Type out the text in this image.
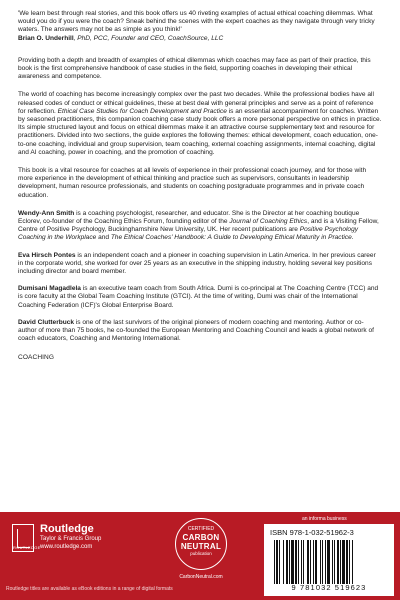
'We learn best through real stories, and this book offers us 40 riveting examples of actual ethical coaching dilemmas. What would you do if you were the coach? Sneak behind the scenes with the expert coaches as they navigate through very tricky waters. The answers may not be as simple as you think!'

Brian O. Underhill, PhD, PCC, Founder and CEO, CoachSource, LLC

Providing both a depth and breadth of examples of ethical dilemmas which coaches may face as part of their practice, this book is the first comprehensive handbook of case studies in the field, supporting coaches in developing their ethical awareness and competence.

The world of coaching has become increasingly complex over the past two decades. While the professional bodies have all released codes of conduct or ethical guidelines, these at best deal with general principles and serve as a point of reference for reflection. Ethical Case Studies for Coach Development and Practice is an essential accompaniment for coaches. Written by seasoned practitioners, this companion coaching case study book offers a more personal perspective on ethics in practice. Its simple structured layout and focus on ethical dilemmas make it an attractive course supplementary text and resource for practitioners. Divided into two sections, the guide explores the following themes: ethical development, coach education, one-to-one coaching, individual and group supervision, team coaching, external coaching assignments, internal coaching, digital and AI coaching, power in coaching, and the promotion of coaching.

This book is a vital resource for coaches at all levels of experience in their professional coach journey, and for those with more experience in the development of ethical thinking and practice such as supervisors, consultants in leadership development, human resource professionals, and students on coaching postgraduate programmes and in private coach education.

Wendy-Ann Smith is a coaching psychologist, researcher, and educator. She is the Director at her coaching boutique Eclorev, co-founder of the Coaching Ethics Forum, founding editor of the Journal of Coaching Ethics, and is a Visiting Fellow, Centre of Positive Psychology, Buckinghamshire New University, UK. Her recent publications are Positive Psychology Coaching in the Workplace and The Ethical Coaches' Handbook: A Guide to Developing Ethical Maturity in Practice.

Eva Hirsch Pontes is an independent coach and a pioneer in coaching supervision in Latin America. In her previous career in the corporate world, she worked for over 25 years as an executive in the shipping industry, holding several key positions including director and board member.

Dumisani Magadlela is an executive team coach from South Africa. Dumi is co-principal at The Coaching Centre (TCC) and is core faculty at the Global Team Coaching Institute (GTCI). At the time of writing, Dumi was chair of the International Coaching Federation (ICF)'s Global Enterprise Board.

David Clutterbuck is one of the last survivors of the original pioneers of modern coaching and mentoring. Author or co-author of more than 75 books, he co-founded the European Mentoring and Coaching Council and leads a global network of coach educators, Coaching and Mentoring International.

COACHING
ROUTLEDGE
Routledge
Taylor & Francis Group
www.routledge.com
Routledge titles are available as eBook editions in a range of digital formats
CERTIFIED
CARBON NEUTRAL
publication
CarbonNeutral.com
an informa business
ISBN 978-1-032-51962-3
9 781032 519623
